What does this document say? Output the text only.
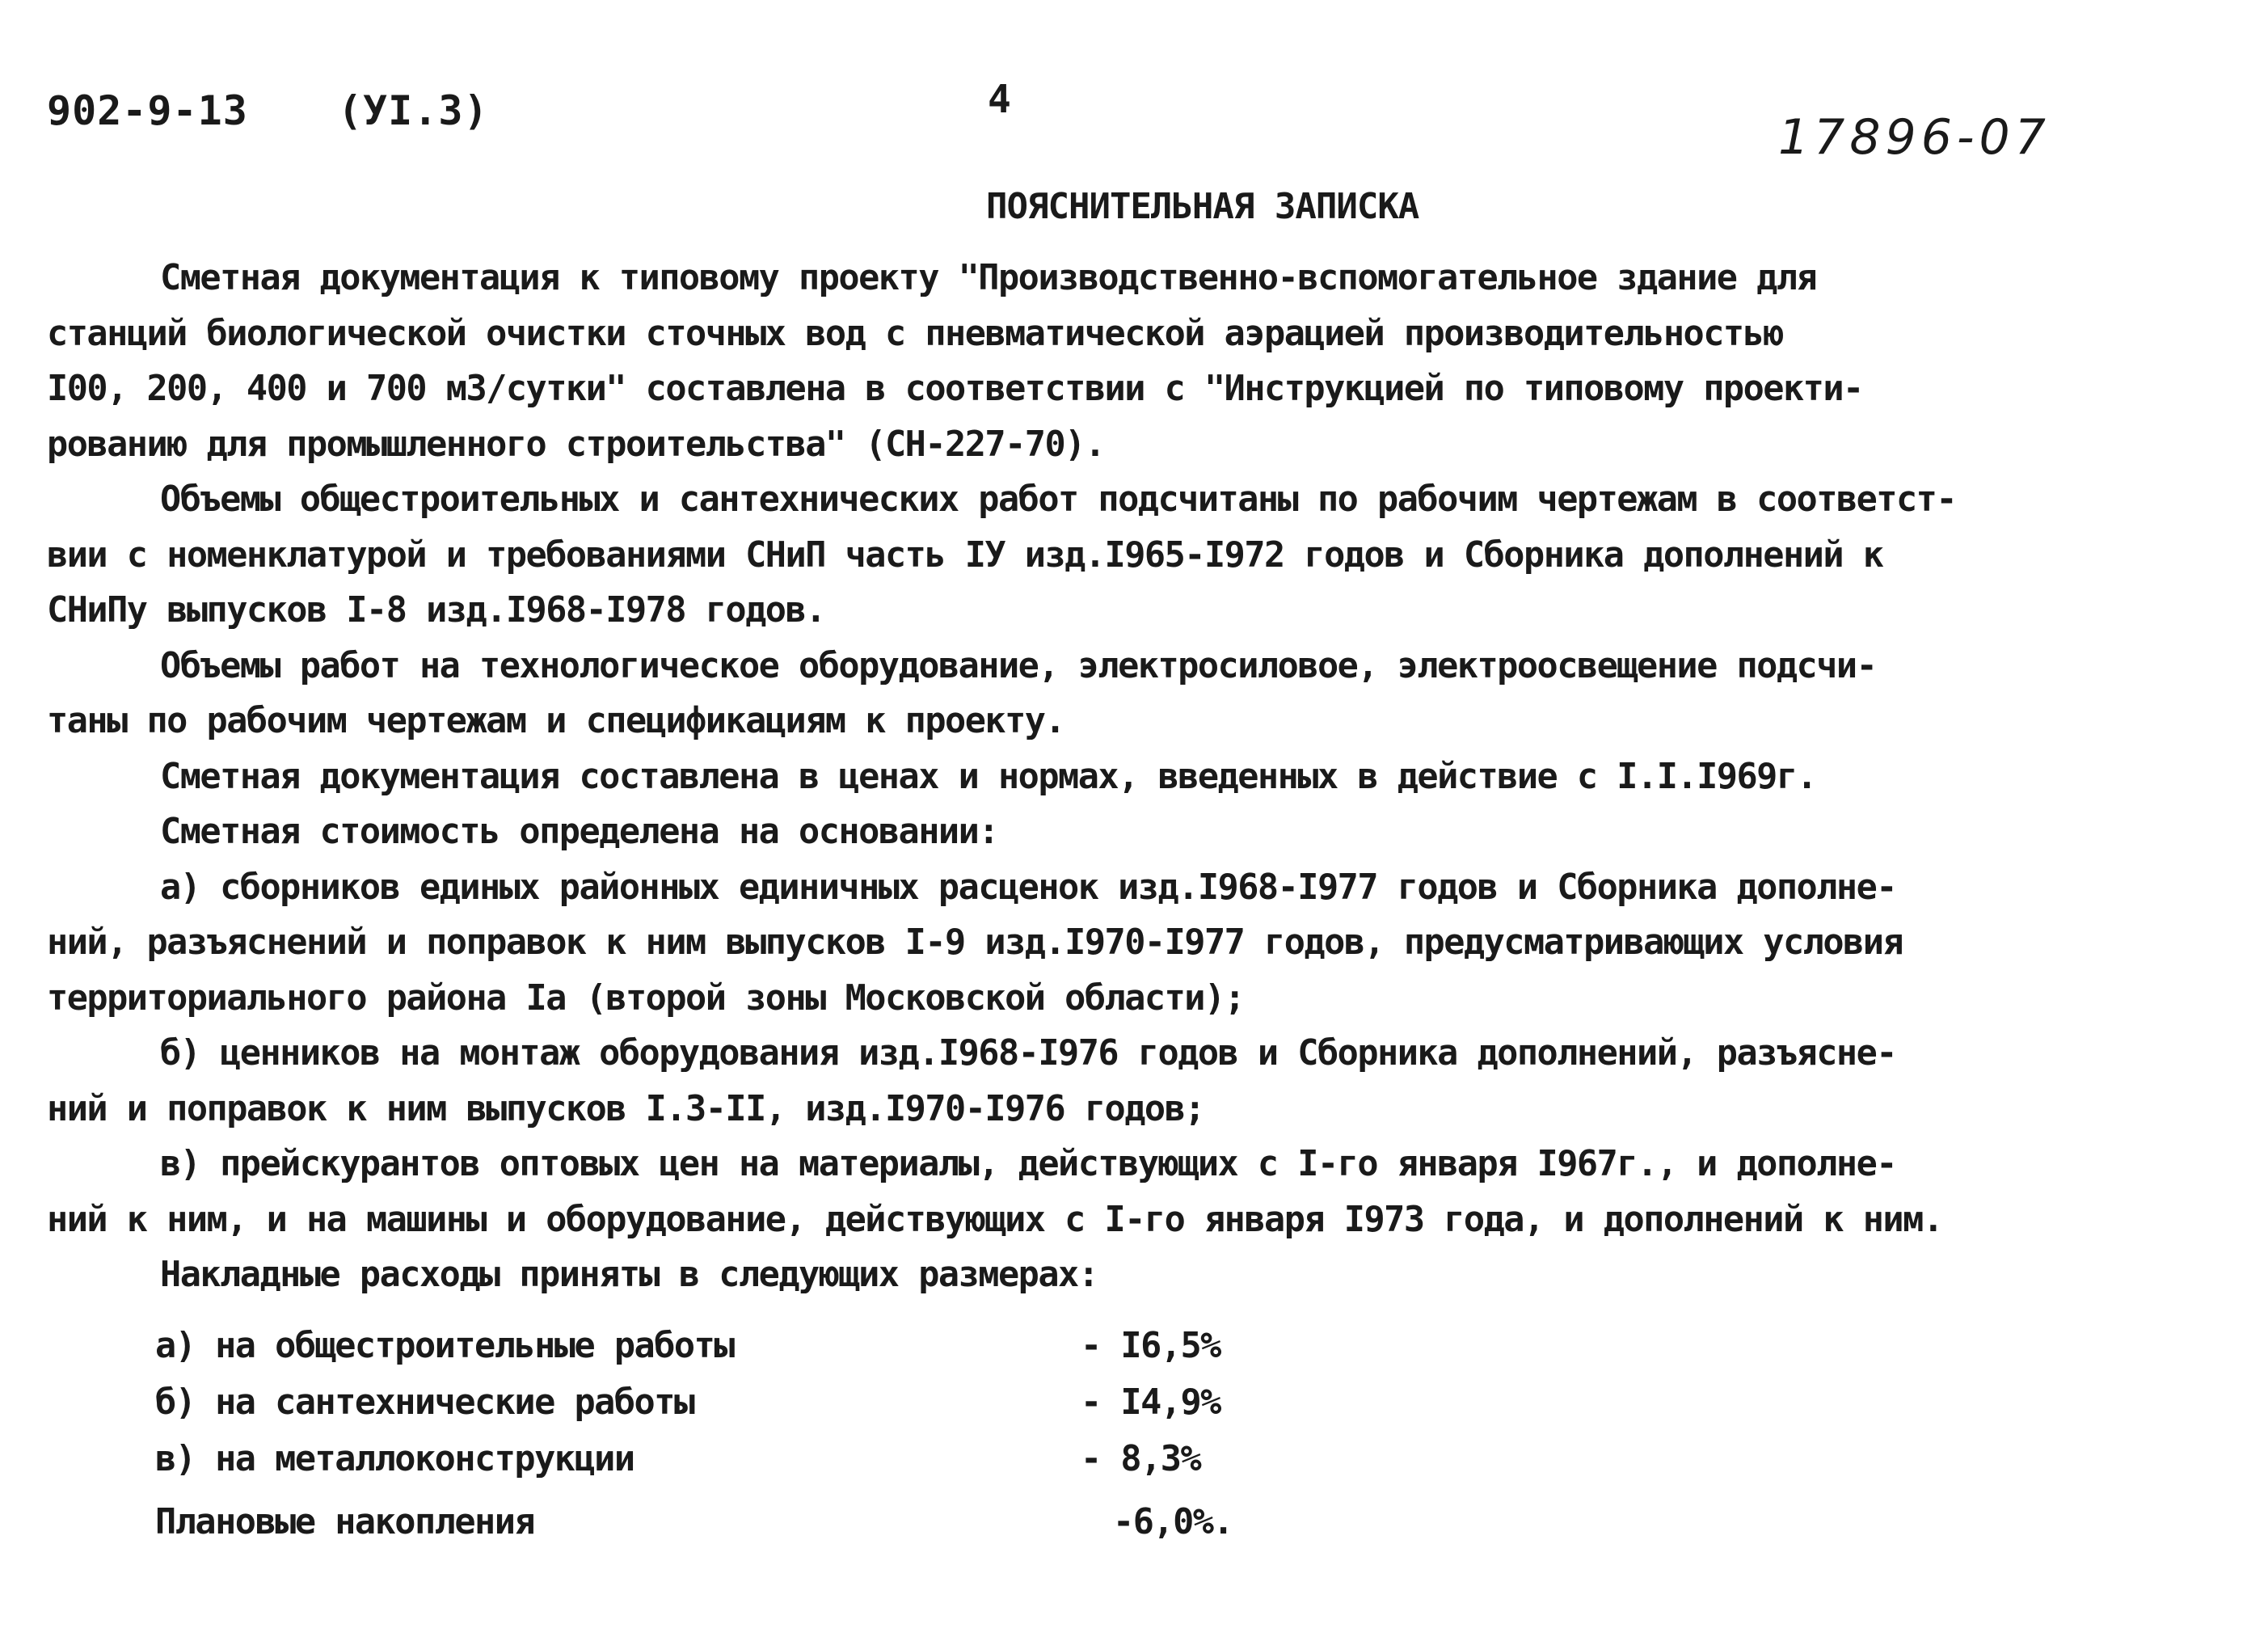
902-9-13 (УI.3)	4
17896-07
ПОЯСНИТЕЛЬНАЯ ЗАПИСКА
Сметная документация к типовому проекту "Производственно-вспомогательное здание для
станций биологической очистки сточных вод с пневматической аэрацией производительностью
I00, 200, 400 и 700 м3/сутки" составлена в соответствии с "Инструкцией по типовому проекти-
рованию для промышленного строительства" (СН-227-70).
Объемы общестроительных и сантехнических работ подсчитаны по рабочим чертежам в соответст-
вии с номенклатурой и требованиями СНиП часть IУ изд.I965-I972 годов и Сборника дополнений к
СНиПу выпусков I-8 изд.I968-I978 годов.
Объемы работ на технологическое оборудование, электросиловое, электроосвещение подсчи-
таны по рабочим чертежам и спецификациям к проекту.
Сметная документация составлена в ценах и нормах, введенных в действие с I.I.I969г.
Сметная стоимость определена на основании:
а) сборников единых районных единичных расценок изд.I968-I977 годов и Сборника дополне-
ний, разъяснений и поправок к ним выпусков I-9 изд.I970-I977 годов, предусматривающих условия
территориального района Iа (второй зоны Московской области);
б) ценников на монтаж оборудования изд.I968-I976 годов и Сборника дополнений, разъясне-
ний и поправок к ним выпусков I.3-II, изд.I970-I976 годов;
в) прейскурантов оптовых цен на материалы, действующих с I-го января I967г., и дополне-
ний к ним, и на машины и оборудование, действующих с I-го января I973 года, и дополнений к ним.
Накладные расходы приняты в следующих размерах:
а) на общестроительные работы	- I6,5%
б) на сантехнические работы	- I4,9%
в) на металлоконструкции	- 8,3%
Плановые накопления	-6,0%.
